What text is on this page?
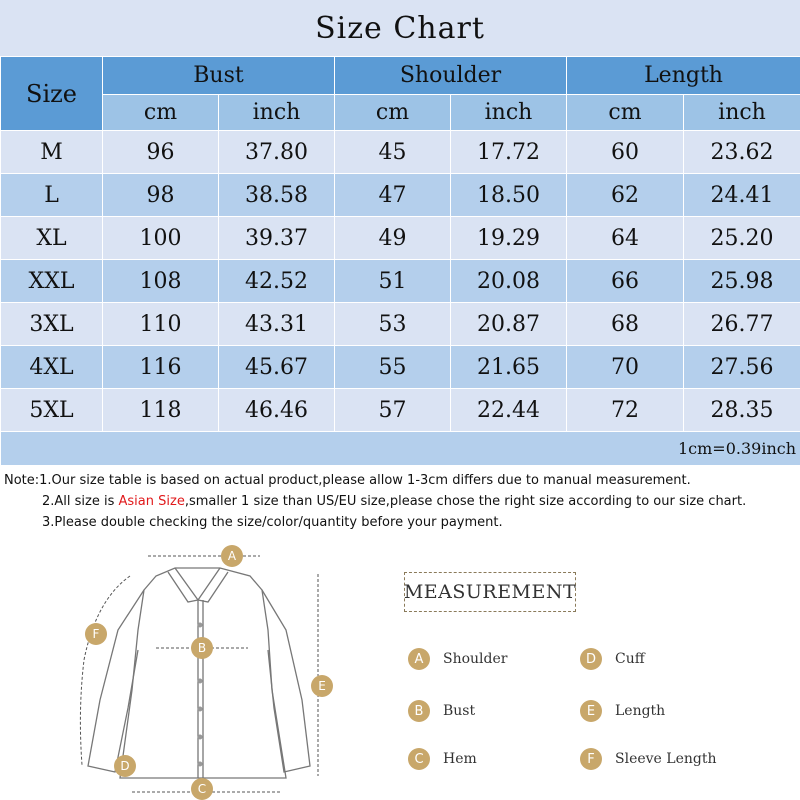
Size Chart
Size	Bust		Shoulder		Length	
	cm	inch	cm	inch	cm	inch
M	96	37.80	45	17.72	60	23.62
L	98	38.58	47	18.50	62	24.41
XL	100	39.37	49	19.29	64	25.20
XXL	108	42.52	51	20.08	66	25.98
3XL	110	43.31	53	20.87	68	26.77
4XL	116	45.67	55	21.65	70	27.56
5XL	118	46.46	57	22.44	72	28.35
1cm=0.39inch						
Note:1.Our size table is based on actual product,please allow 1-3cm differs due to manual measurement.
2.All size is Asian Size,smaller 1 size than US/EU size,please chose the right size according to our size chart.
3.Please double checking the size/color/quantity before your payment.
A
B
C
D
E
F
MEASUREMENT
A	Shoulder
B	Bust
C	Hem
D	Cuff
E	Length
F	Sleeve Length
